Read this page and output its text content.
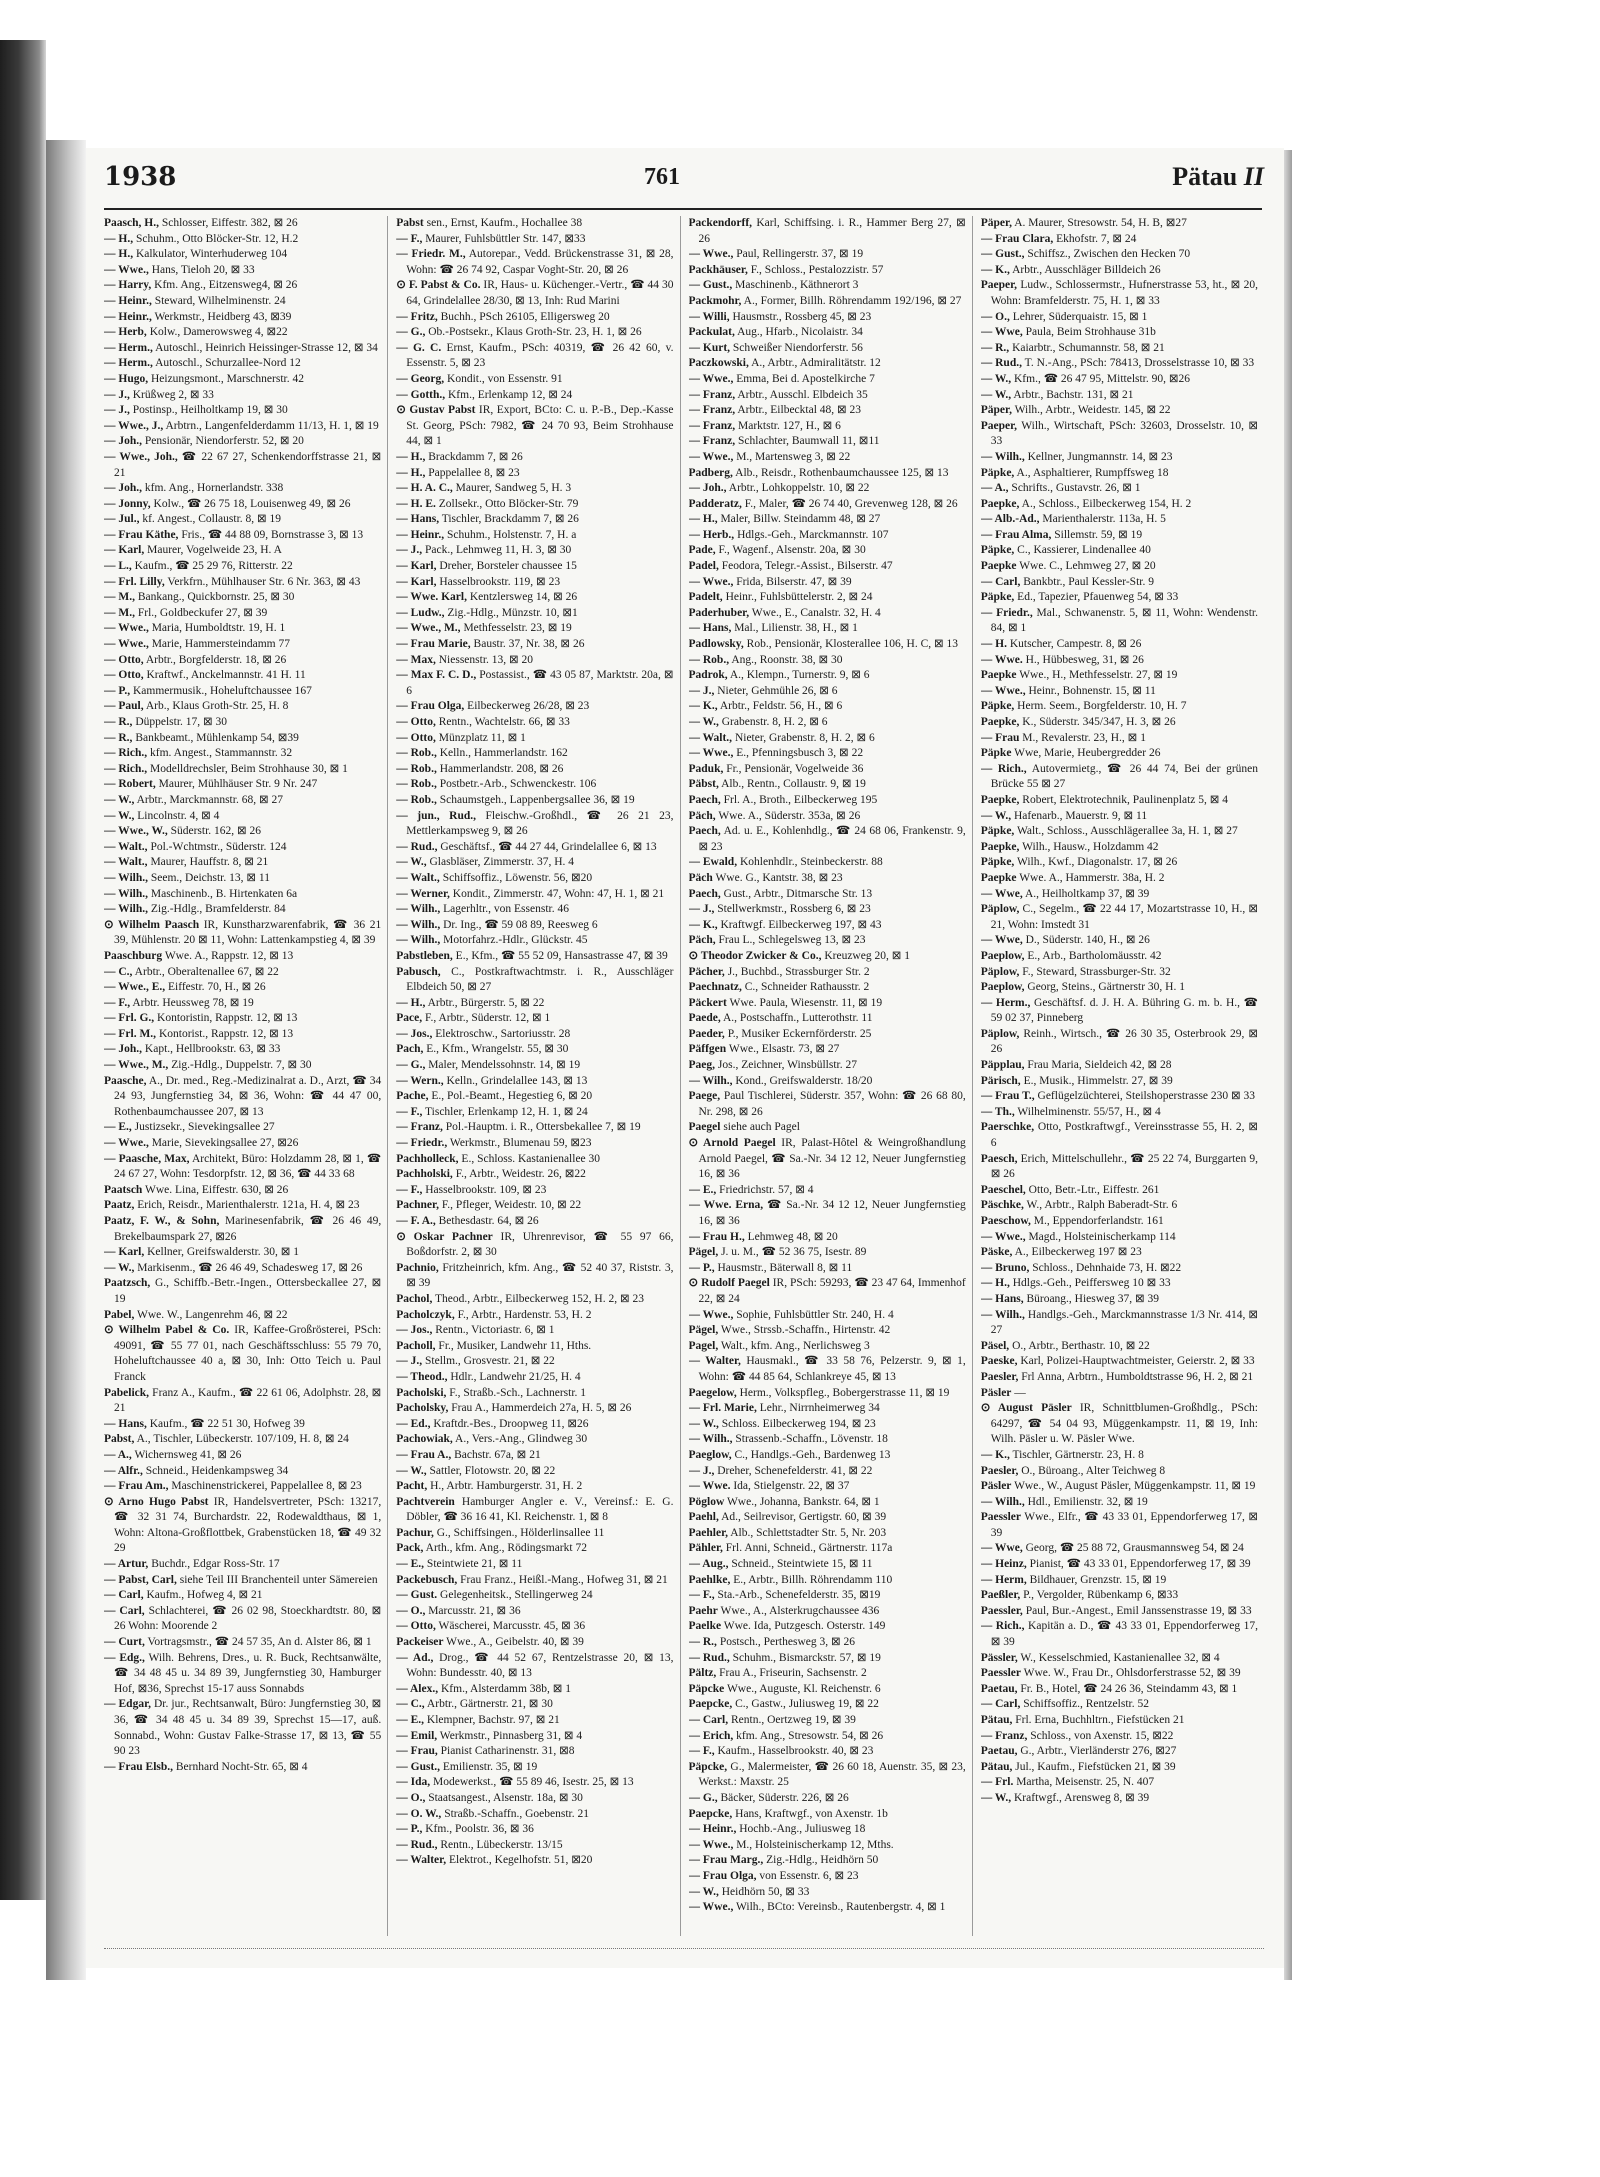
1938	761	Pätau II

Paasch, H., Schlosser, Eiffestr. 382, ⊠ 26

— H., Schuhm., Otto Blöcker-Str. 12, H.2

— H., Kalkulator, Winterhuderweg 104

— Wwe., Hans, Tieloh 20, ⊠ 33

— Harry, Kfm. Ang., Eitzensweg4, ⊠ 26

— Heinr., Steward, Wilhelminenstr. 24

— Heinr., Werkmstr., Heidberg 43, ⊠39

— Herb, Kolw., Damerowsweg 4, ⊠22

— Herm., Autoschl., Heinrich Heissinger-Strasse 12, ⊠ 34

— Herm., Autoschl., Schurzallee-Nord 12

— Hugo, Heizungsmont., Marschnerstr. 42

— J., Krüßweg 2, ⊠ 33

— J., Postinsp., Heilholtkamp 19, ⊠ 30

— Wwe., J., Arbtrn., Langenfelderdamm 11/13, H. 1, ⊠ 19

— Joh., Pensionär, Niendorferstr. 52, ⊠ 20

— Wwe., Joh., ☎ 22 67 27, Schenkendorffstrasse 21, ⊠ 21

— Joh., kfm. Ang., Hornerlandstr. 338

— Jonny, Kolw., ☎ 26 75 18, Louisenweg 49, ⊠ 26

— Jul., kf. Angest., Collaustr. 8, ⊠ 19

— Frau Käthe, Fris., ☎ 44 88 09, Bornstrasse 3, ⊠ 13

— Karl, Maurer, Vogelweide 23, H. A

— L., Kaufm., ☎ 25 29 76, Ritterstr. 22

— Frl. Lilly, Verkfrn., Mühlhauser Str. 6 Nr. 363, ⊠ 43

— M., Bankang., Quickbornstr. 25, ⊠ 30

— M., Frl., Goldbeckufer 27, ⊠ 39

— Wwe., Maria, Humboldtstr. 19, H. 1

— Wwe., Marie, Hammersteindamm 77

— Otto, Arbtr., Borgfelderstr. 18, ⊠ 26

— Otto, Kraftwf., Anckelmannstr. 41 H. 11

— P., Kammermusik., Hoheluftchaussee 167

— Paul, Arb., Klaus Groth-Str. 25, H. 8

— R., Düppelstr. 17, ⊠ 30

— R., Bankbeamt., Mühlenkamp 54, ⊠39

— Rich., kfm. Angest., Stammannstr. 32

— Rich., Modelldrechsler, Beim Strohhause 30, ⊠ 1

— Robert, Maurer, Mühlhäuser Str. 9 Nr. 247

— W., Arbtr., Marckmannstr. 68, ⊠ 27

— W., Lincolnstr. 4, ⊠ 4

— Wwe., W., Süderstr. 162, ⊠ 26

— Walt., Pol.-Wchtmstr., Süderstr. 124

— Walt., Maurer, Hauffstr. 8, ⊠ 21

— Wilh., Seem., Deichstr. 13, ⊠ 11

— Wilh., Maschinenb., B. Hirtenkaten 6a

— Wilh., Zig.-Hdlg., Bramfelderstr. 84

⊙ Wilhelm Paasch IR, Kunstharzwarenfabrik, ☎ 36 21 39, Mühlenstr. 20 ⊠ 11, Wohn: Lattenkampstieg 4, ⊠ 39

Paaschburg Wwe. A., Rappstr. 12, ⊠ 13

— C., Arbtr., Oberaltenallee 67, ⊠ 22

— Wwe., E., Eiffestr. 70, H., ⊠ 26

— F., Arbtr. Heussweg 78, ⊠ 19

— Frl. G., Kontoristin, Rappstr. 12, ⊠ 13

— Frl. M., Kontorist., Rappstr. 12, ⊠ 13

— Joh., Kapt., Hellbrookstr. 63, ⊠ 33

— Wwe., M., Zig.-Hdlg., Duppelstr. 7, ⊠ 30

Paasche, A., Dr. med., Reg.-Medizinalrat a. D., Arzt, ☎ 34 24 93, Jungfernstieg 34, ⊠ 36, Wohn: ☎ 44 47 00, Rothenbaumchaussee 207, ⊠ 13

— E., Justizsekr., Sievekingsallee 27

— Wwe., Marie, Sievekingsallee 27, ⊠26

— Paasche, Max, Architekt, Büro: Holzdamm 28, ⊠ 1, ☎ 24 67 27, Wohn: Tesdorpfstr. 12, ⊠ 36, ☎ 44 33 68

Paatsch Wwe. Lina, Eiffestr. 630, ⊠ 26

Paatz, Erich, Reisdr., Marienthalerstr. 121a, H. 4, ⊠ 23

Paatz, F. W., & Sohn, Marinesenfabrik, ☎ 26 46 49, Brekelbaumspark 27, ⊠26

— Karl, Kellner, Greifswalderstr. 30, ⊠ 1

— W., Markisenm., ☎ 26 46 49, Schadesweg 17, ⊠ 26

Paatzsch, G., Schiffb.-Betr.-Ingen., Ottersbeckallee 27, ⊠ 19

Pabel, Wwe. W., Langenrehm 46, ⊠ 22

⊙ Wilhelm Pabel & Co. IR, Kaffee-Großrösterei, PSch: 49091, ☎ 55 77 01, nach Geschäftsschluss: 55 79 70, Hoheluftchaussee 40 a, ⊠ 30, Inh: Otto Teich u. Paul Franck

Pabelick, Franz A., Kaufm., ☎ 22 61 06, Adolphstr. 28, ⊠ 21

— Hans, Kaufm., ☎ 22 51 30, Hofweg 39

Pabst, A., Tischler, Lübeckerstr. 107/109, H. 8, ⊠ 24

— A., Wichernsweg 41, ⊠ 26

— Alfr., Schneid., Heidenkampsweg 34

— Frau Am., Maschinenstrickerei, Pappelallee 8, ⊠ 23

⊙ Arno Hugo Pabst IR, Handelsvertreter, PSch: 13217, ☎ 32 31 74, Burchardstr. 22, Rodewaldthaus, ⊠ 1, Wohn: Altona-Großflottbek, Grabenstücken 18, ☎ 49 32 29

— Artur, Buchdr., Edgar Ross-Str. 17

— Pabst, Carl, siehe Teil III Branchenteil unter Sämereien

— Carl, Kaufm., Hofweg 4, ⊠ 21

— Carl, Schlachterei, ☎ 26 02 98, Stoeckhardtstr. 80, ⊠ 26 Wohn: Moorende 2

— Curt, Vortragsmstr., ☎ 24 57 35, An d. Alster 86, ⊠ 1

— Edg., Wilh. Behrens, Dres., u. R. Buck, Rechtsanwälte, ☎ 34 48 45 u. 34 89 39, Jungfernstieg 30, Hamburger Hof, ⊠36, Sprechst 15-17 auss Sonnabds

— Edgar, Dr. jur., Rechtsanwalt, Büro: Jungfernstieg 30, ⊠ 36, ☎ 34 48 45 u. 34 89 39, Sprechst 15—17, auß. Sonnabd., Wohn: Gustav Falke-Strasse 17, ⊠ 13, ☎ 55 90 23

— Frau Elsb., Bernhard Nocht-Str. 65, ⊠ 4

Pabst sen., Ernst, Kaufm., Hochallee 38

— F., Maurer, Fuhlsbüttler Str. 147, ⊠33

— Friedr. M., Autorepar., Vedd. Brückenstrasse 31, ⊠ 28, Wohn: ☎ 26 74 92, Caspar Voght-Str. 20, ⊠ 26

⊙ F. Pabst & Co. IR, Haus- u. Küchenger.-Vertr., ☎ 44 30 64, Grindelallee 28/30, ⊠ 13, Inh: Rud Marini

— Fritz, Buchh., PSch 26105, Elligersweg 20

— G., Ob.-Postsekr., Klaus Groth-Str. 23, H. 1, ⊠ 26

— G. C. Ernst, Kaufm., PSch: 40319, ☎ 26 42 60, v. Essenstr. 5, ⊠ 23

— Georg, Kondit., von Essenstr. 91

— Gotth., Kfm., Erlenkamp 12, ⊠ 24

⊙ Gustav Pabst IR, Export, BCto: C. u. P.-B., Dep.-Kasse St. Georg, PSch: 7982, ☎ 24 70 93, Beim Strohhause 44, ⊠ 1

— H., Brackdamm 7, ⊠ 26

— H., Pappelallee 8, ⊠ 23

— H. A. C., Maurer, Sandweg 5, H. 3

— H. E. Zollsekr., Otto Blöcker-Str. 79

— Hans, Tischler, Brackdamm 7, ⊠ 26

— Heinr., Schuhm., Holstenstr. 7, H. a

— J., Pack., Lehmweg 11, H. 3, ⊠ 30

— Karl, Dreher, Borsteler chaussee 15

— Karl, Hasselbrookstr. 119, ⊠ 23

— Wwe. Karl, Kentzlersweg 14, ⊠ 26

— Ludw., Zig.-Hdlg., Münzstr. 10, ⊠1

— Wwe., M., Methfesselstr. 23, ⊠ 19

— Frau Marie, Baustr. 37, Nr. 38, ⊠ 26

— Max, Niessenstr. 13, ⊠ 20

— Max F. C. D., Postassist., ☎ 43 05 87, Marktstr. 20a, ⊠ 6

— Frau Olga, Eilbeckerweg 26/28, ⊠ 23

— Otto, Rentn., Wachtelstr. 66, ⊠ 33

— Otto, Münzplatz 11, ⊠ 1

— Rob., Kelln., Hammerlandstr. 162

— Rob., Hammerlandstr. 208, ⊠ 26

— Rob., Postbetr.-Arb., Schwenckestr. 106

— Rob., Schaumstgeh., Lappenbergsallee 36, ⊠ 19

— jun., Rud., Fleischw.-Großhdl., ☎ 26 21 23, Mettlerkampsweg 9, ⊠ 26

— Rud., Geschäftsf., ☎ 44 27 44, Grindelallee 6, ⊠ 13

— W., Glasbläser, Zimmerstr. 37, H. 4

— Walt., Schiffsoffiz., Löwenstr. 56, ⊠20

— Werner, Kondit., Zimmerstr. 47, Wohn: 47, H. 1, ⊠ 21

— Wilh., Lagerhltr., von Essenstr. 46

— Wilh., Dr. Ing., ☎ 59 08 89, Reesweg 6

— Wilh., Motorfahrz.-Hdlr., Glückstr. 45

Pabstleben, E., Kfm., ☎ 55 52 09, Hansastrasse 47, ⊠ 39

Pabusch, C., Postkraftwachtmstr. i. R., Ausschläger Elbdeich 50, ⊠ 27

— H., Arbtr., Bürgerstr. 5, ⊠ 22

Pace, F., Arbtr., Süderstr. 12, ⊠ 1

— Jos., Elektroschw., Sartoriusstr. 28

Pach, E., Kfm., Wrangelstr. 55, ⊠ 30

— G., Maler, Mendelssohnstr. 14, ⊠ 19

— Wern., Kelln., Grindelallee 143, ⊠ 13

Pache, E., Pol.-Beamt., Hegestieg 6, ⊠ 20

— F., Tischler, Erlenkamp 12, H. 1, ⊠ 24

— Franz, Pol.-Hauptm. i. R., Ottersbekallee 7, ⊠ 19

— Friedr., Werkmstr., Blumenau 59, ⊠23

Pachholleck, E., Schloss. Kastanienallee 30

Pachholski, F., Arbtr., Weidestr. 26, ⊠22

— F., Hasselbrookstr. 109, ⊠ 23

Pachner, F., Pfleger, Weidestr. 10, ⊠ 22

— F. A., Bethesdastr. 64, ⊠ 26

⊙ Oskar Pachner IR, Uhrenrevisor, ☎ 55 97 66, Boßdorfstr. 2, ⊠ 30

Pachnio, Fritzheinrich, kfm. Ang., ☎ 52 40 37, Riststr. 3, ⊠ 39

Pachol, Theod., Arbtr., Eilbeckerweg 152, H. 2, ⊠ 23

Pacholczyk, F., Arbtr., Hardenstr. 53, H. 2

— Jos., Rentn., Victoriastr. 6, ⊠ 1

Pacholl, Fr., Musiker, Landwehr 11, Hths.

— J., Stellm., Grosvestr. 21, ⊠ 22

— Theod., Hdlr., Landwehr 21/25, H. 4

Pacholski, F., Straßb.-Sch., Lachnerstr. 1

Pacholsky, Frau A., Hammerdeich 27a, H. 5, ⊠ 26

— Ed., Kraftdr.-Bes., Droopweg 11, ⊠26

Pachowiak, A., Vers.-Ang., Glindweg 30

— Frau A., Bachstr. 67a, ⊠ 21

— W., Sattler, Flotowstr. 20, ⊠ 22

Pacht, H., Arbtr. Hamburgerstr. 31, H. 2

Pachtverein Hamburger Angler e. V., Vereinsf.: E. G. Döbler, ☎ 36 16 41, Kl. Reichenstr. 1, ⊠ 8

Pachur, G., Schiffsingen., Hölderlinsallee 11

Pack, Arth., kfm. Ang., Rödingsmarkt 72

— E., Steintwiete 21, ⊠ 11

Packebusch, Frau Franz., Heißl.-Mang., Hofweg 31, ⊠ 21

— Gust. Gelegenheitsk., Stellingerweg 24

— O., Marcusstr. 21, ⊠ 36

— Otto, Wäscherei, Marcusstr. 45, ⊠ 36

Packeiser Wwe., A., Geibelstr. 40, ⊠ 39

— Ad., Drog., ☎ 44 52 67, Rentzelstrasse 20, ⊠ 13, Wohn: Bundesstr. 40, ⊠ 13

— Alex., Kfm., Alsterdamm 38b, ⊠ 1

— C., Arbtr., Gärtnerstr. 21, ⊠ 30

— E., Klempner, Bachstr. 97, ⊠ 21

— Emil, Werkmstr., Pinnasberg 31, ⊠ 4

— Frau, Pianist Catharinenstr. 31, ⊠8

— Gust., Emilienstr. 35, ⊠ 19

— Ida, Modewerkst., ☎ 55 89 46, Isestr. 25, ⊠ 13

— O., Staatsangest., Alsenstr. 18a, ⊠ 30

— O. W., Straßb.-Schaffn., Goebenstr. 21

— P., Kfm., Poolstr. 36, ⊠ 36

— Rud., Rentn., Lübeckerstr. 13/15

— Walter, Elektrot., Kegelhofstr. 51, ⊠20

Packendorff, Karl, Schiffsing. i. R., Hammer Berg 27, ⊠ 26

— Wwe., Paul, Rellingerstr. 37, ⊠ 19

Packhäuser, F., Schloss., Pestalozzistr. 57

— Gust., Maschinenb., Käthnerort 3

Packmohr, A., Former, Billh. Röhrendamm 192/196, ⊠ 27

— Willi, Hausmstr., Rossberg 45, ⊠ 23

Packulat, Aug., Hfarb., Nicolaistr. 34

— Kurt, Schweißer Niendorferstr. 56

Paczkowski, A., Arbtr., Admiralitätstr. 12

— Wwe., Emma, Bei d. Apostelkirche 7

— Franz, Arbtr., Ausschl. Elbdeich 35

— Franz, Arbtr., Eilbecktal 48, ⊠ 23

— Franz, Marktstr. 127, H., ⊠ 6

— Franz, Schlachter, Baumwall 11, ⊠11

— Wwe., M., Martensweg 3, ⊠ 22

Padberg, Alb., Reisdr., Rothenbaumchaussee 125, ⊠ 13

— Joh., Arbtr., Lohkoppelstr. 10, ⊠ 22

Padderatz, F., Maler, ☎ 26 74 40, Grevenweg 128, ⊠ 26

— H., Maler, Billw. Steindamm 48, ⊠ 27

— Herb., Hdlgs.-Geh., Marckmannstr. 107

Pade, F., Wagenf., Alsenstr. 20a, ⊠ 30

Padel, Feodora, Telegr.-Assist., Bilserstr. 47

— Wwe., Frida, Bilserstr. 47, ⊠ 39

Padelt, Heinr., Fuhlsbüttelerstr. 2, ⊠ 24

Paderhuber, Wwe., E., Canalstr. 32, H. 4

— Hans, Mal., Lilienstr. 38, H., ⊠ 1

Padlowsky, Rob., Pensionär, Klosterallee 106, H. C, ⊠ 13

— Rob., Ang., Roonstr. 38, ⊠ 30

Padrok, A., Klempn., Turnerstr. 9, ⊠ 6

— J., Nieter, Gehmühle 26, ⊠ 6

— K., Arbtr., Feldstr. 56, H., ⊠ 6

— W., Grabenstr. 8, H. 2, ⊠ 6

— Walt., Nieter, Grabenstr. 8, H. 2, ⊠ 6

— Wwe., E., Pfenningsbusch 3, ⊠ 22

Paduk, Fr., Pensionär, Vogelweide 36

Päbst, Alb., Rentn., Collaustr. 9, ⊠ 19

Paech, Frl. A., Broth., Eilbeckerweg 195

Päch, Wwe. A., Süderstr. 353a, ⊠ 26

Paech, Ad. u. E., Kohlenhdlg., ☎ 24 68 06, Frankenstr. 9, ⊠ 23

— Ewald, Kohlenhdlr., Steinbeckerstr. 88

Päch Wwe. G., Kantstr. 38, ⊠ 23

Paech, Gust., Arbtr., Ditmarsche Str. 13

— J., Stellwerkmstr., Rossberg 6, ⊠ 23

— K., Kraftwgf. Eilbeckerweg 197, ⊠ 43

Päch, Frau L., Schlegelsweg 13, ⊠ 23

⊙ Theodor Zwicker & Co., Kreuzweg 20, ⊠ 1

Pächer, J., Buchbd., Strassburger Str. 2

Paechnatz, C., Schneider Rathausstr. 2

Päckert Wwe. Paula, Wiesenstr. 11, ⊠ 19

Paede, A., Postschaffn., Lutterothstr. 11

Paeder, P., Musiker Eckernförderstr. 25

Päffgen Wwe., Elsastr. 73, ⊠ 27

Paeg, Jos., Zeichner, Winsbüllstr. 27

— Wilh., Kond., Greifswalderstr. 18/20

Paege, Paul Tischlerei, Süderstr. 357, Wohn: ☎ 26 68 80, Nr. 298, ⊠ 26

Paegel siehe auch Pagel

⊙ Arnold Paegel IR, Palast-Hôtel & Weingroßhandlung Arnold Paegel, ☎ Sa.-Nr. 34 12 12, Neuer Jungfernstieg 16, ⊠ 36

— E., Friedrichstr. 57, ⊠ 4

— Wwe. Erna, ☎ Sa.-Nr. 34 12 12, Neuer Jungfernstieg 16, ⊠ 36

— Frau H., Lehmweg 48, ⊠ 20

Pägel, J. u. M., ☎ 52 36 75, Isestr. 89

— P., Hausmstr., Bäterwall 8, ⊠ 11

⊙ Rudolf Paegel IR, PSch: 59293, ☎ 23 47 64, Immenhof 22, ⊠ 24

— Wwe., Sophie, Fuhlsbüttler Str. 240, H. 4

Pägel, Wwe., Strssb.-Schaffn., Hirtenstr. 42

Pagel, Walt., kfm. Ang., Nerlichsweg 3

— Walter, Hausmakl., ☎ 33 58 76, Pelzerstr. 9, ⊠ 1, Wohn: ☎ 44 85 64, Schlankreye 45, ⊠ 13

Paegelow, Herm., Volkspfleg., Bobergerstrasse 11, ⊠ 19

— Frl. Marie, Lehr., Nirrnheimerweg 34

— W., Schloss. Eilbeckerweg 194, ⊠ 23

— Wilh., Strassenb.-Schaffn., Lövenstr. 18

Paeglow, C., Handlgs.-Geh., Bardenweg 13

— J., Dreher, Schenefelderstr. 41, ⊠ 22

— Wwe. Ida, Stielgenstr. 22, ⊠ 37

Pöglow Wwe., Johanna, Bankstr. 64, ⊠ 1

Paehl, Ad., Seilrevisor, Gertigstr. 60, ⊠ 39

Paehler, Alb., Schlettstadter Str. 5, Nr. 203

Pähler, Frl. Anni, Schneid., Gärtnerstr. 117a

— Aug., Schneid., Steintwiete 15, ⊠ 11

Paehlke, E., Arbtr., Billh. Röhrendamm 110

— F., Sta.-Arb., Schenefelderstr. 35, ⊠19

Paehr Wwe., A., Alsterkrugchaussee 436

Paelke Wwe. Ida, Putzgesch. Osterstr. 149

— R., Postsch., Perthesweg 3, ⊠ 26

— Rud., Schuhm., Bismarckstr. 57, ⊠ 19

Pältz, Frau A., Friseurin, Sachsenstr. 2

Päpcke Wwe., Auguste, Kl. Reichenstr. 6

Paepcke, C., Gastw., Juliusweg 19, ⊠ 22

— Carl, Rentn., Oertzweg 19, ⊠ 39

— Erich, kfm. Ang., Stresowstr. 54, ⊠ 26

— F., Kaufm., Hasselbrookstr. 40, ⊠ 23

Päpcke, G., Malermeister, ☎ 26 60 18, Auenstr. 35, ⊠ 23, Werkst.: Maxstr. 25

— G., Bäcker, Süderstr. 226, ⊠ 26

Paepcke, Hans, Kraftwgf., von Axenstr. 1b

— Heinr., Hochb.-Ang., Juliusweg 18

— Wwe., M., Holsteinischerkamp 12, Mths.

— Frau Marg., Zig.-Hdlg., Heidhörn 50

— Frau Olga, von Essenstr. 6, ⊠ 23

— W., Heidhörn 50, ⊠ 33

— Wwe., Wilh., BCto: Vereinsb., Rautenbergstr. 4, ⊠ 1

Päper, A. Maurer, Stresowstr. 54, H. B, ⊠27

— Frau Clara, Ekhofstr. 7, ⊠ 24

— Gust., Schiffsz., Zwischen den Hecken 70

— K., Arbtr., Ausschläger Billdeich 26

Paeper, Ludw., Schlossermstr., Hufnerstrasse 53, ht., ⊠ 20, Wohn: Bramfelderstr. 75, H. 1, ⊠ 33

— O., Lehrer, Süderquaistr. 15, ⊠ 1

— Wwe, Paula, Beim Strohhause 31b

— R., Kaiarbtr., Schumannstr. 58, ⊠ 21

— Rud., T. N.-Ang., PSch: 78413, Drosselstrasse 10, ⊠ 33

— W., Kfm., ☎ 26 47 95, Mittelstr. 90, ⊠26

— W., Arbtr., Bachstr. 131, ⊠ 21

Päper, Wilh., Arbtr., Weidestr. 145, ⊠ 22

Paeper, Wilh., Wirtschaft, PSch: 32603, Drosselstr. 10, ⊠ 33

— Wilh., Kellner, Jungmannstr. 14, ⊠ 23

Päpke, A., Asphaltierer, Rumpffsweg 18

— A., Schrifts., Gustavstr. 26, ⊠ 1

Paepke, A., Schloss., Eilbeckerweg 154, H. 2

— Alb.-Ad., Marienthalerstr. 113a, H. 5

— Frau Alma, Sillemstr. 59, ⊠ 19

Päpke, C., Kassierer, Lindenallee 40

Paepke Wwe. C., Lehmweg 27, ⊠ 20

— Carl, Bankbtr., Paul Kessler-Str. 9

Päpke, Ed., Tapezier, Pfauenweg 54, ⊠ 33

— Friedr., Mal., Schwanenstr. 5, ⊠ 11, Wohn: Wendenstr. 84, ⊠ 1

— H. Kutscher, Campestr. 8, ⊠ 26

— Wwe. H., Hübbesweg, 31, ⊠ 26

Paepke Wwe., H., Methfesselstr. 27, ⊠ 19

— Wwe., Heinr., Bohnenstr. 15, ⊠ 11

Päpke, Herm. Seem., Borgfelderstr. 10, H. 7

Paepke, K., Süderstr. 345/347, H. 3, ⊠ 26

— Frau M., Revalerstr. 23, H., ⊠ 1

Päpke Wwe, Marie, Heubergredder 26

— Rich., Autovermietg., ☎ 26 44 74, Bei der grünen Brücke 55 ⊠ 27

Paepke, Robert, Elektrotechnik, Paulinenplatz 5, ⊠ 4

— W., Hafenarb., Mauerstr. 9, ⊠ 11

Päpke, Walt., Schloss., Ausschlägerallee 3a, H. 1, ⊠ 27

Paepke, Wilh., Hausw., Holzdamm 42

Päpke, Wilh., Kwf., Diagonalstr. 17, ⊠ 26

Paepke Wwe. A., Hammerstr. 38a, H. 2

— Wwe, A., Heilholtkamp 37, ⊠ 39

Päplow, C., Segelm., ☎ 22 44 17, Mozartstrasse 10, H., ⊠ 21, Wohn: Imstedt 31

— Wwe, D., Süderstr. 140, H., ⊠ 26

Paeplow, E., Arb., Bartholomäusstr. 42

Päplow, F., Steward, Strassburger-Str. 32

Paeplow, Georg, Steins., Gärtnerstr 30, H. 1

— Herm., Geschäftsf. d. J. H. A. Bühring G. m. b. H., ☎ 59 02 37, Pinneberg

Päplow, Reinh., Wirtsch., ☎ 26 30 35, Osterbrook 29, ⊠ 26

Päpplau, Frau Maria, Sieldeich 42, ⊠ 28

Pärisch, E., Musik., Himmelstr. 27, ⊠ 39

— Frau T., Geflügelzüchterei, Steilshoperstrasse 230 ⊠ 33

— Th., Wilhelminenstr. 55/57, H., ⊠ 4

Paerschke, Otto, Postkraftwgf., Vereinsstrasse 55, H. 2, ⊠ 6

Paesch, Erich, Mittelschullehr., ☎ 25 22 74, Burggarten 9, ⊠ 26

Paeschel, Otto, Betr.-Ltr., Eiffestr. 261

Päschke, W., Arbtr., Ralph Baberadt-Str. 6

Paeschow, M., Eppendorferlandstr. 161

— Wwe., Magd., Holsteinischerkamp 114

Päske, A., Eilbeckerweg 197 ⊠ 23

— Bruno, Schloss., Dehnhaide 73, H. ⊠22

— H., Hdlgs.-Geh., Peiffersweg 10 ⊠ 33

— Hans, Büroang., Hiesweg 37, ⊠ 39

— Wilh., Handlgs.-Geh., Marckmannstrasse 1/3 Nr. 414, ⊠ 27

Päsel, O., Arbtr., Berthastr. 10, ⊠ 22

Paeske, Karl, Polizei-Hauptwachtmeister, Geierstr. 2, ⊠ 33

Paesler, Frl Anna, Arbtrn., Humboldtstrasse 96, H. 2, ⊠ 21

Päsler —

⊙ August Päsler IR, Schnittblumen-Großhdlg., PSch: 64297, ☎ 54 04 93, Müggenkampstr. 11, ⊠ 19, Inh: Wilh. Päsler u. W. Päsler Wwe.

— K., Tischler, Gärtnerstr. 23, H. 8

Paesler, O., Büroang., Alter Teichweg 8

Päsler Wwe., W., August Päsler, Müggenkampstr. 11, ⊠ 19

— Wilh., Hdl., Emilienstr. 32, ⊠ 19

Paessler Wwe., Elfr., ☎ 43 33 01, Eppendorferweg 17, ⊠ 39

— Wwe, Georg, ☎ 25 88 72, Grausmannsweg 54, ⊠ 24

— Heinz, Pianist, ☎ 43 33 01, Eppendorferweg 17, ⊠ 39

— Herm, Bildhauer, Grenzstr. 15, ⊠ 19

Paeßler, P., Vergolder, Rübenkamp 6, ⊠33

Paessler, Paul, Bur.-Angest., Emil Janssenstrasse 19, ⊠ 33

— Rich., Kapitän a. D., ☎ 43 33 01, Eppendorferweg 17, ⊠ 39

Pässler, W., Kesselschmied, Kastanienallee 32, ⊠ 4

Paessler Wwe. W., Frau Dr., Ohlsdorferstrasse 52, ⊠ 39

Paetau, Fr. B., Hotel, ☎ 24 26 36, Steindamm 43, ⊠ 1

— Carl, Schiffsoffiz., Rentzelstr. 52

Pätau, Frl. Erna, Buchhltrn., Fiefstücken 21

— Franz, Schloss., von Axenstr. 15, ⊠22

Paetau, G., Arbtr., Vierländerstr 276, ⊠27

Pätau, Jul., Kaufm., Fiefstücken 21, ⊠ 39

— Frl. Martha, Meisenstr. 25, N. 407

— W., Kraftwgf., Arensweg 8, ⊠ 39
